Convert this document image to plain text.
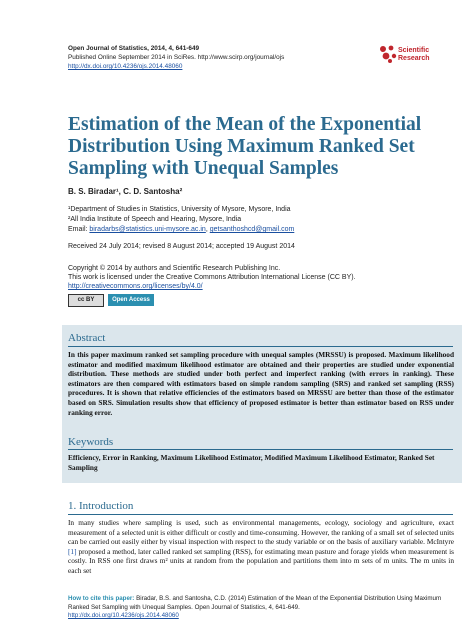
Open Journal of Statistics, 2014, 4, 641-649
Published Online September 2014 in SciRes. http://www.scirp.org/journal/ojs
http://dx.doi.org/10.4236/ojs.2014.48060
Scientific
Research
Estimation of the Mean of the Exponential Distribution Using Maximum Ranked Set Sampling with Unequal Samples
B. S. Biradar¹, C. D. Santosha²
¹Department of Studies in Statistics, University of Mysore, Mysore, India
²All India Institute of Speech and Hearing, Mysore, India
Email: biradarbs@statistics.uni-mysore.ac.in, getsanthoshcd@gmail.com
Received 24 July 2014; revised 8 August 2014; accepted 19 August 2014
Copyright © 2014 by authors and Scientific Research Publishing Inc.
This work is licensed under the Creative Commons Attribution International License (CC BY).
http://creativecommons.org/licenses/by/4.0/
cc BY	Open Access
Abstract
In this paper maximum ranked set sampling procedure with unequal samples (MRSSU) is proposed. Maximum likelihood estimator and modified maximum likelihood estimator are obtained and their properties are studied under exponential distribution. These methods are studied under both perfect and imperfect ranking (with errors in ranking). These estimators are then compared with estimators based on simple random sampling (SRS) and ranked set sampling (RSS) procedures. It is shown that relative efficiencies of the estimators based on MRSSU are better than those of the estimator based on SRS. Simulation results show that efficiency of proposed estimator is better than estimator based on RSS under ranking error.
Keywords
Efficiency, Error in Ranking, Maximum Likelihood Estimator, Modified Maximum Likelihood Estimator, Ranked Set Sampling
1. Introduction
In many studies where sampling is used, such as environmental managements, ecology, sociology and agriculture, exact measurement of a selected unit is either difficult or costly and time-consuming. However, the ranking of a small set of selected units can be carried out easily either by visual inspection with respect to the study variable or on the basis of auxiliary variable. McIntyre [1] proposed a method, later called ranked set sampling (RSS), for estimating mean pasture and forage yields when measurement is costly. In RSS one first draws m² units at random from the population and partitions them into m sets of m units. The m units in each set
How to cite this paper: Biradar, B.S. and Santosha, C.D. (2014) Estimation of the Mean of the Exponential Distribution Using Maximum Ranked Set Sampling with Unequal Samples. Open Journal of Statistics, 4, 641-649.
http://dx.doi.org/10.4236/ojs.2014.48060
